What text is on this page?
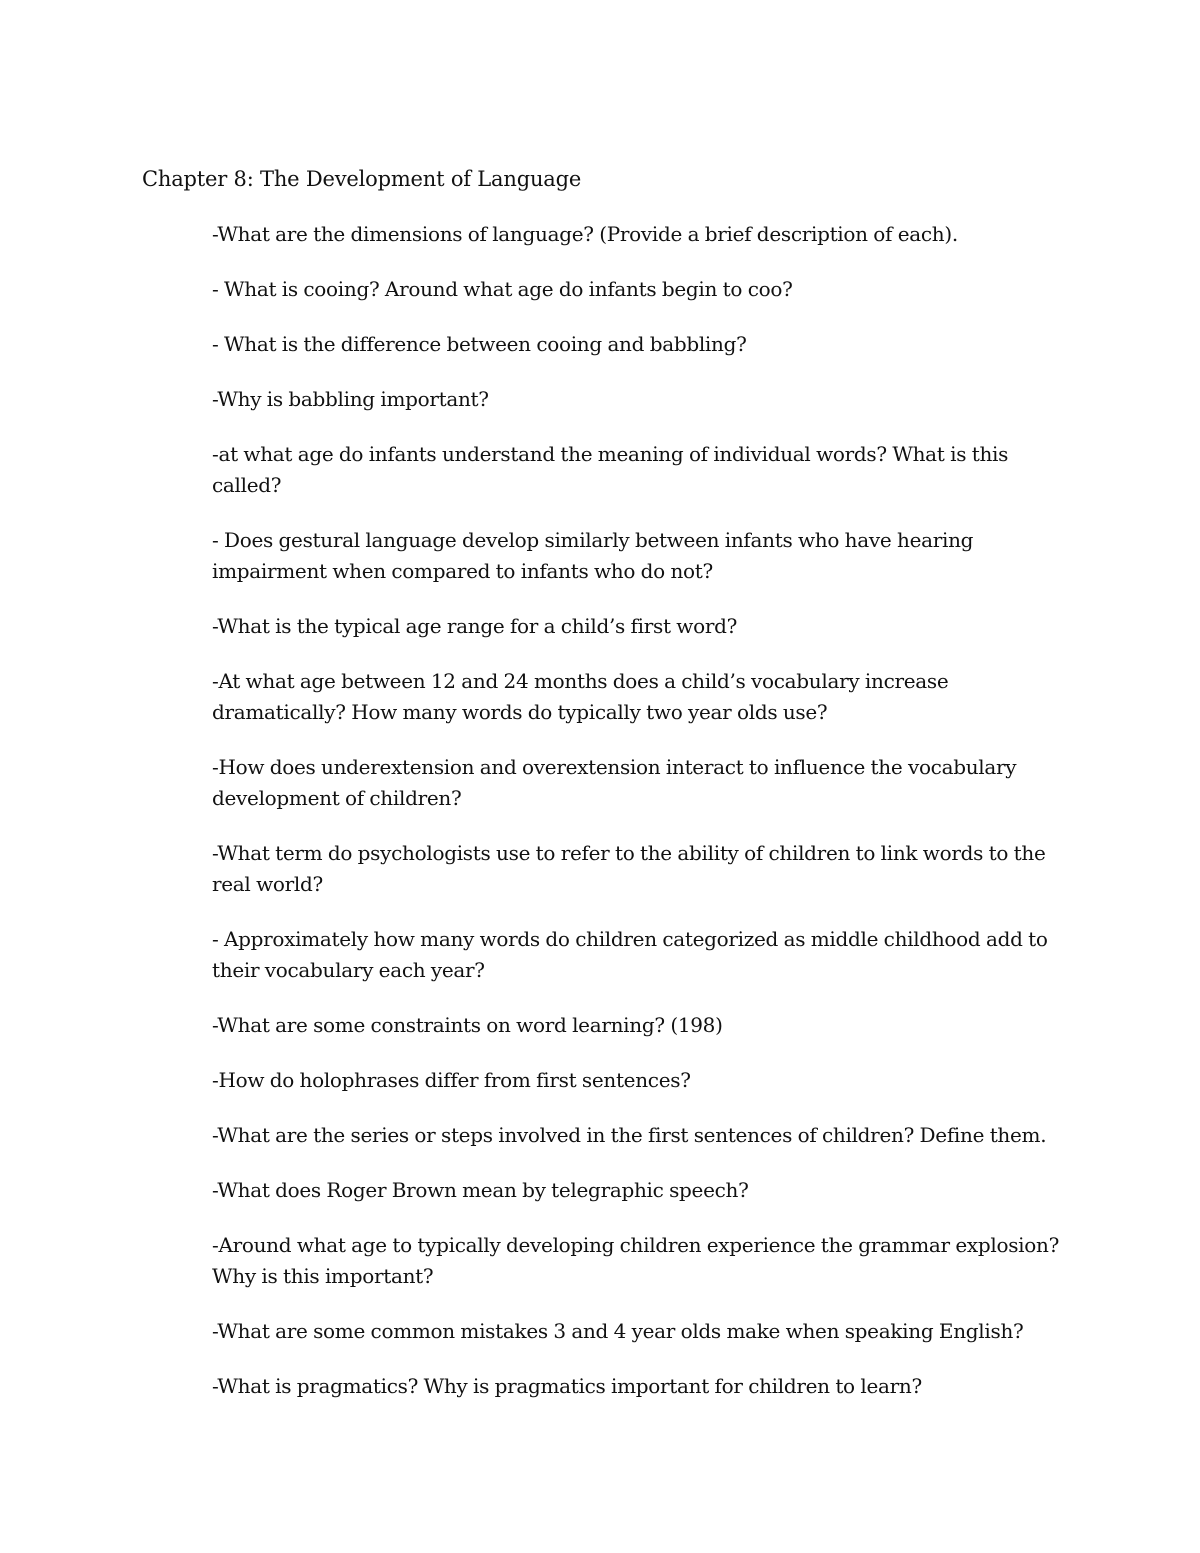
Chapter 8: The Development of Language
-What are the dimensions of language? (Provide a brief description of each).
- What is cooing? Around what age do infants begin to coo?
- What is the difference between cooing and babbling?
-Why is babbling important?
-at what age do infants understand the meaning of individual words? What is this called?
- Does gestural language develop similarly between infants who have hearing impairment when compared to infants who do not?
-What is the typical age range for a child’s first word?
-At what age between 12 and 24 months does a child’s vocabulary increase dramatically? How many words do typically two year olds use?
-How does underextension and overextension interact to influence the vocabulary development of children?
-What term do psychologists use to refer to the ability of children to link words to the real world?
- Approximately how many words do children categorized as middle childhood add to their vocabulary each year?
-What are some constraints on word learning? (198)
-How do holophrases differ from first sentences?
-What are the series or steps involved in the first sentences of children? Define them.
-What does Roger Brown mean by telegraphic speech?
-Around what age to typically developing children experience the grammar explosion? Why is this important?
-What are some common mistakes 3 and 4 year olds make when speaking English?
-What is pragmatics? Why is pragmatics important for children to learn?
